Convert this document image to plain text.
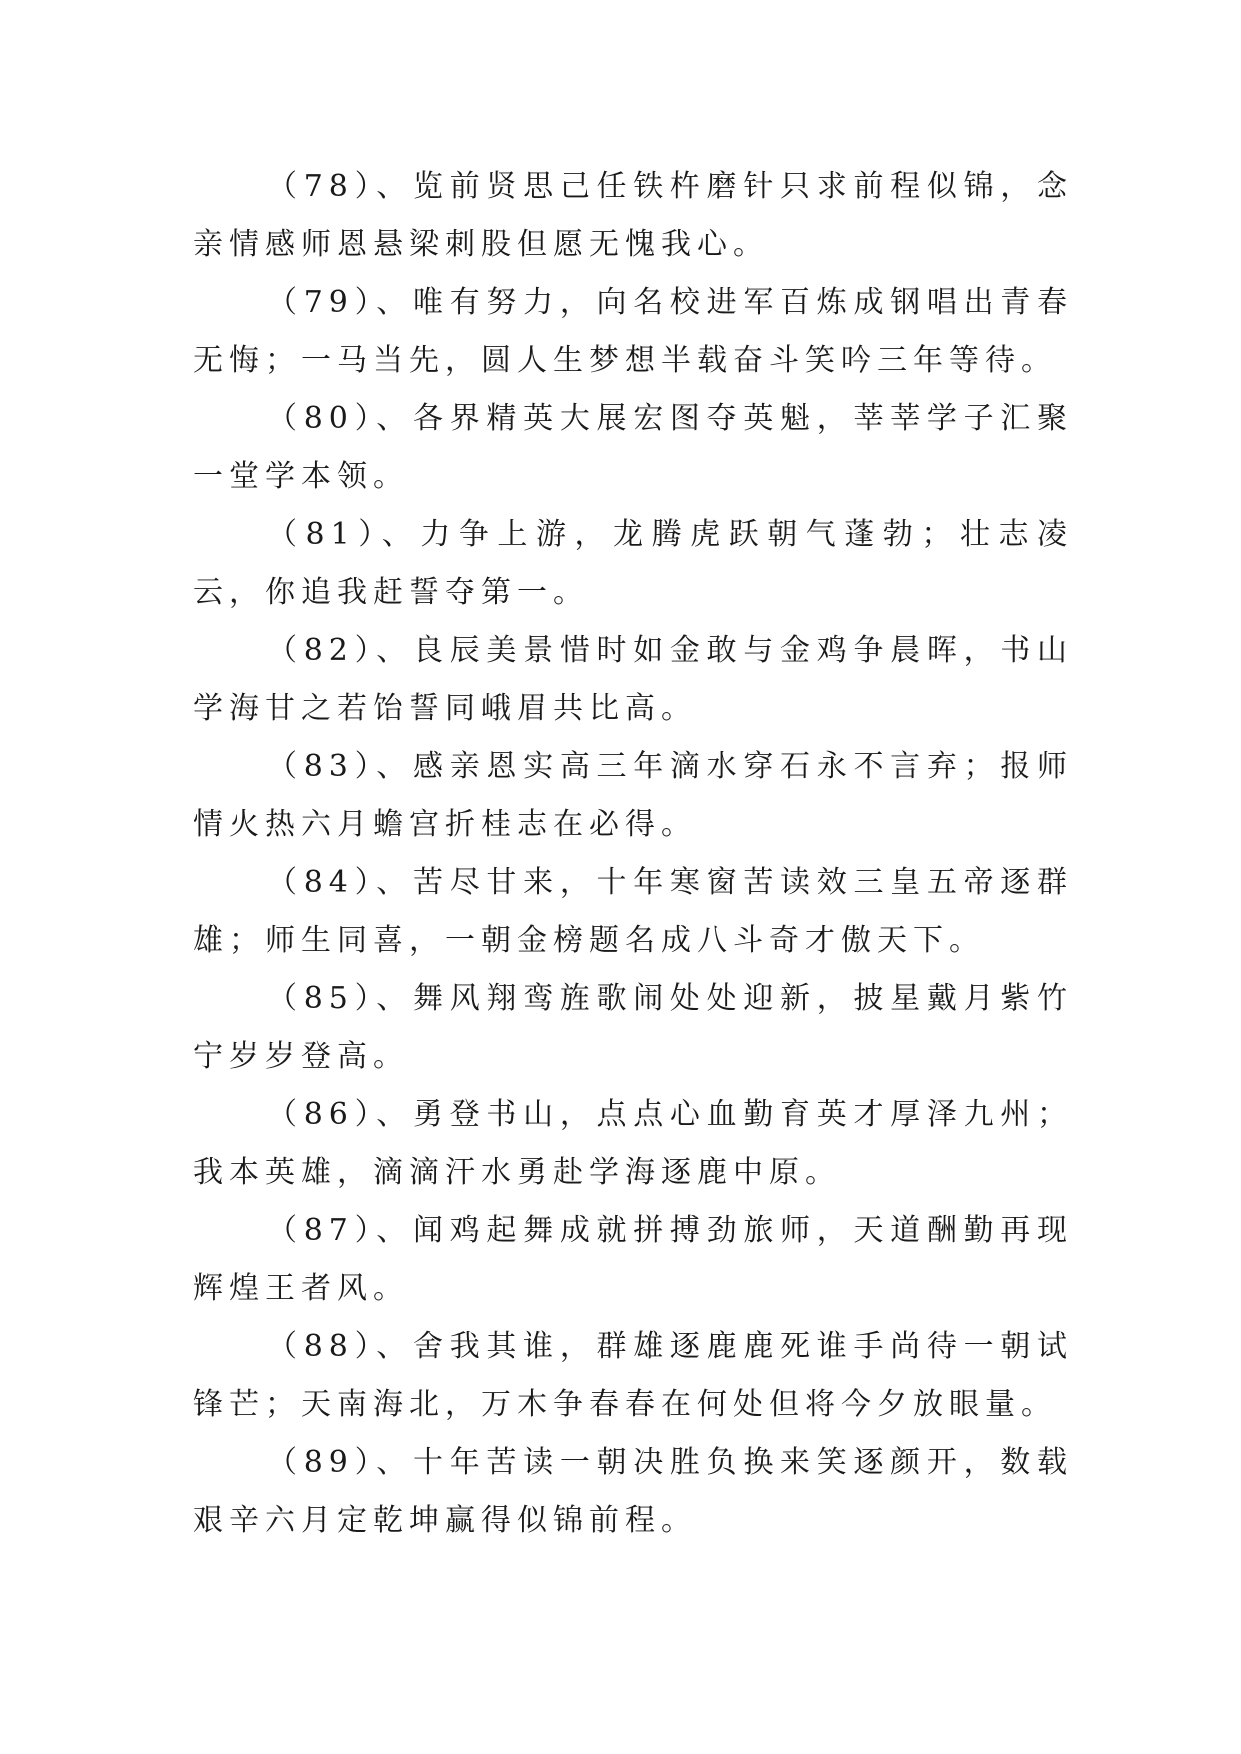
（78）、览前贤思己任铁杵磨针只求前程似锦，念亲情感师恩悬梁刺股但愿无愧我心。

（79）、唯有努力，向名校进军百炼成钢唱出青春无悔；一马当先，圆人生梦想半载奋斗笑吟三年等待。

（80）、各界精英大展宏图夺英魁，莘莘学子汇聚一堂学本领。

（81）、力争上游，龙腾虎跃朝气蓬勃；壮志凌云，你追我赶誓夺第一。

（82）、良辰美景惜时如金敢与金鸡争晨晖，书山学海甘之若饴誓同峨眉共比高。

（83）、感亲恩实高三年滴水穿石永不言弃；报师情火热六月蟾宫折桂志在必得。

（84）、苦尽甘来，十年寒窗苦读效三皇五帝逐群雄；师生同喜，一朝金榜题名成八斗奇才傲天下。

（85）、舞风翔鸾旌歌闹处处迎新，披星戴月紫竹宁岁岁登高。

（86）、勇登书山，点点心血勤育英才厚泽九州；我本英雄，滴滴汗水勇赴学海逐鹿中原。

（87）、闻鸡起舞成就拼搏劲旅师，天道酬勤再现辉煌王者风。

（88）、舍我其谁，群雄逐鹿鹿死谁手尚待一朝试锋芒；天南海北，万木争春春在何处但将今夕放眼量。

（89）、十年苦读一朝决胜负换来笑逐颜开，数载艰辛六月定乾坤赢得似锦前程。
